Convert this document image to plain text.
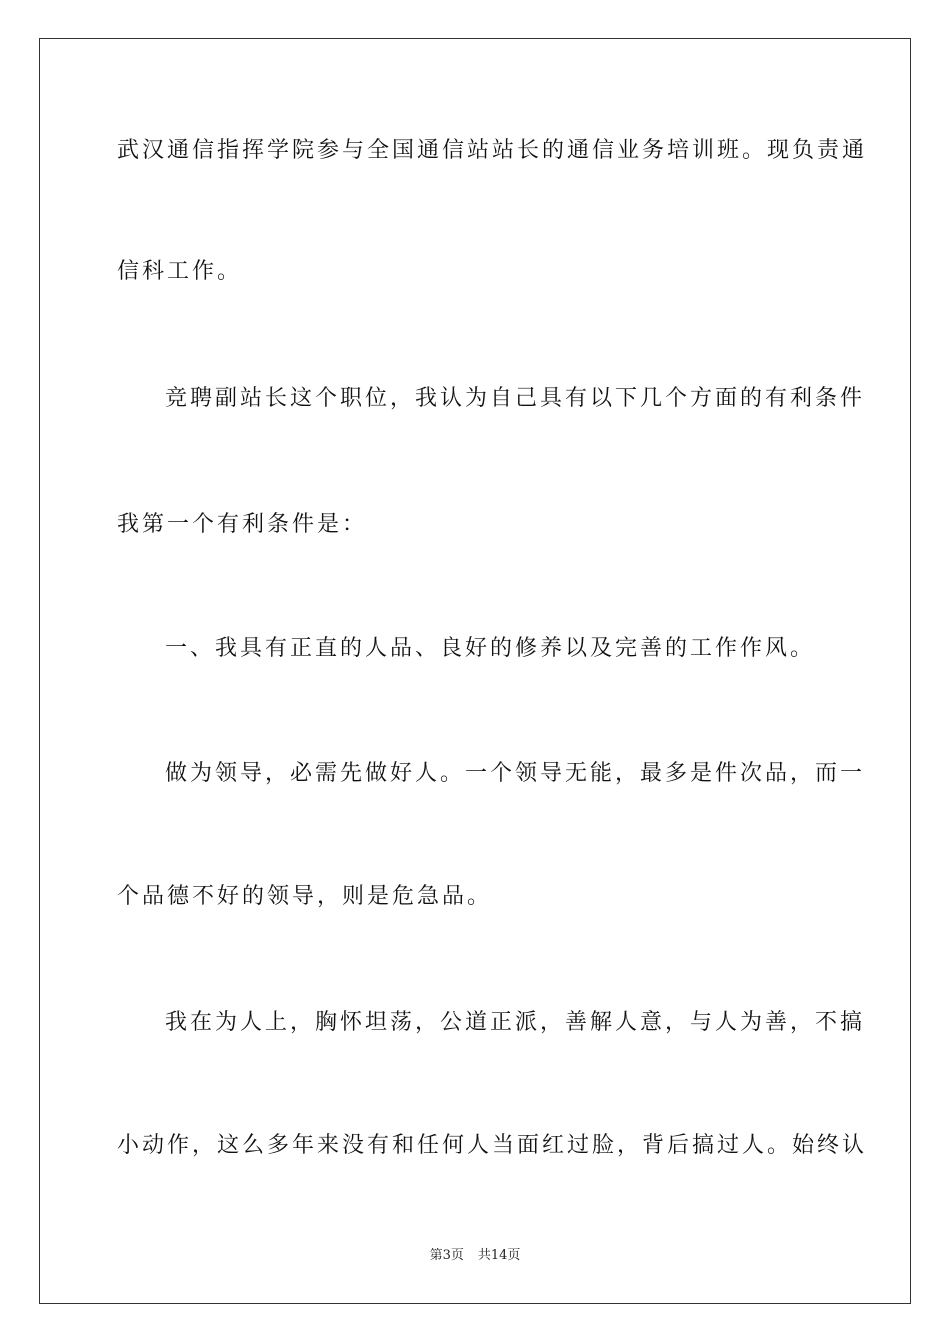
武汉通信指挥学院参与全国通信站站长的通信业务培训班。现负责通
信科工作。
竞聘副站长这个职位，我认为自己具有以下几个方面的有利条件
我第一个有利条件是：
一、我具有正直的人品、良好的修养以及完善的工作作风。
做为领导，必需先做好人。一个领导无能，最多是件次品，而一
个品德不好的领导，则是危急品。
我在为人上，胸怀坦荡，公道正派，善解人意，与人为善，不搞
小动作，这么多年来没有和任何人当面红过脸，背后搞过人。始终认
第3页 共14页
